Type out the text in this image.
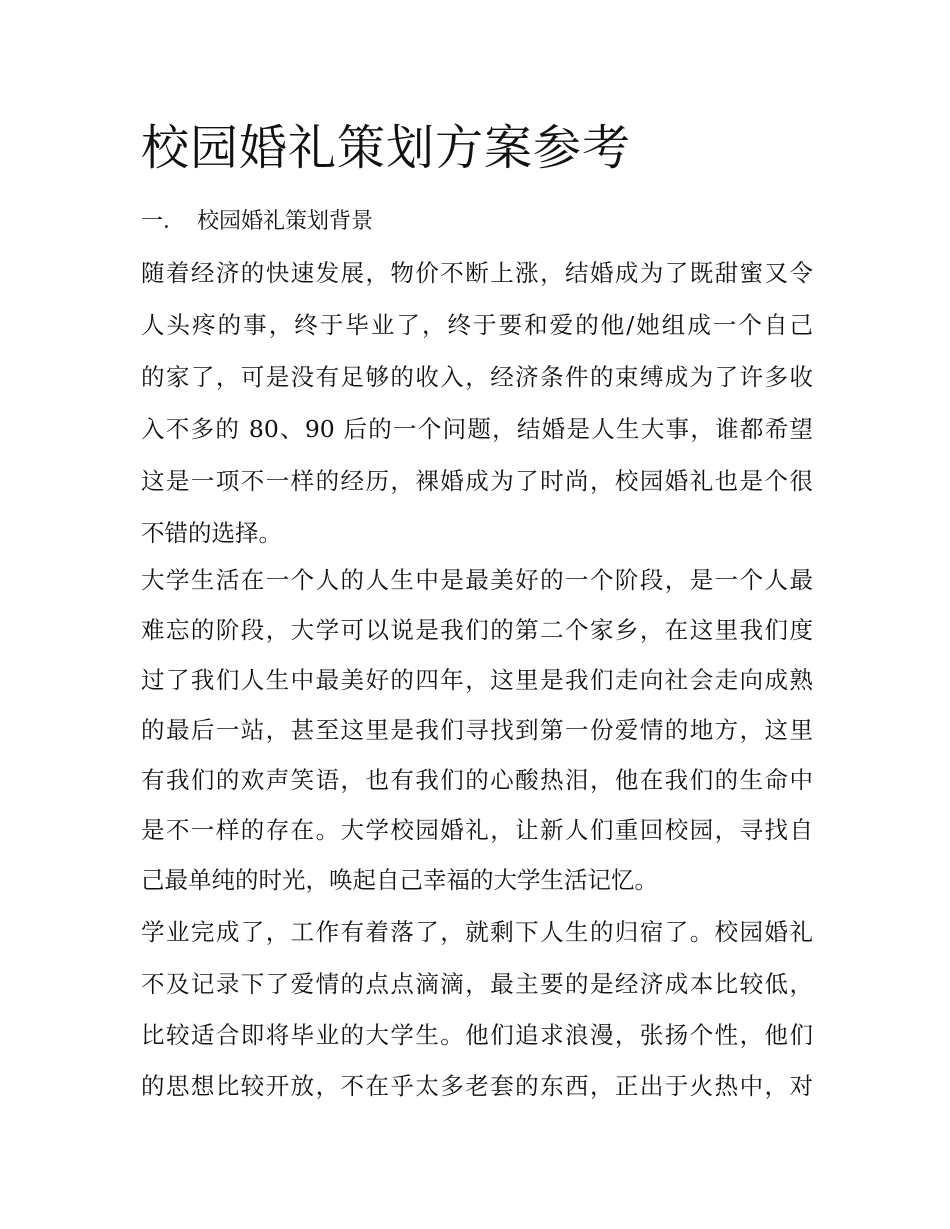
校园婚礼策划方案参考
一． 校园婚礼策划背景
随着经济的快速发展，物价不断上涨，结婚成为了既甜蜜又令
人头疼的事，终于毕业了，终于要和爱的他/她组成一个自己
的家了，可是没有足够的收入，经济条件的束缚成为了许多收
入不多的 80、90 后的一个问题，结婚是人生大事，谁都希望
这是一项不一样的经历，裸婚成为了时尚，校园婚礼也是个很
不错的选择。
大学生活在一个人的人生中是最美好的一个阶段，是一个人最
难忘的阶段，大学可以说是我们的第二个家乡，在这里我们度
过了我们人生中最美好的四年，这里是我们走向社会走向成熟
的最后一站，甚至这里是我们寻找到第一份爱情的地方，这里
有我们的欢声笑语，也有我们的心酸热泪，他在我们的生命中
是不一样的存在。大学校园婚礼，让新人们重回校园，寻找自
己最单纯的时光，唤起自己幸福的大学生活记忆。
学业完成了，工作有着落了，就剩下人生的归宿了。校园婚礼
不及记录下了爱情的点点滴滴，最主要的是经济成本比较低，
比较适合即将毕业的大学生。他们追求浪漫，张扬个性，他们
的思想比较开放，不在乎太多老套的东西，正出于火热中，对
